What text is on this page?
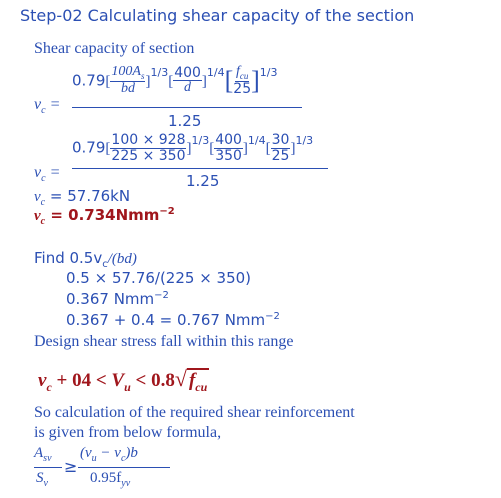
Step-02 Calculating shear capacity of the section
Shear capacity of section
$v_c$ =
$0.79[ \frac{100A_s}{bd} ]^{1/3}[ \frac{400}{d} ]^{1/4}[ \frac{f_{cu}}{25} ]^{1/3}$
1.25
$v_c$ =
$0.79[ \frac{100 \times 928}{225 \times 350} ]^{1/3}[ \frac{400}{350} ]^{1/4}[ \frac{30}{25} ]^{1/3}$
1.25
$v_c = 57.76kN$
$v_c = 0.734Nmm^{-2}$
Find $0.5v_c/(bd)$
0.5 × 57.76/(225 × 350)
0.367 Nmm$^{-2}$
0.367 + 0.4 = 0.767 Nmm$^{-2}$
Design shear stress fall within this range
$v_c + 04 < V_u < 0.8√$ $f_{cu}$
So calculation of the required shear reinforcement
is given from below formula,
$A_{sv}$
$S_v$
≥
$(v_u - v_c)b$
$0.95f_{yv}$
